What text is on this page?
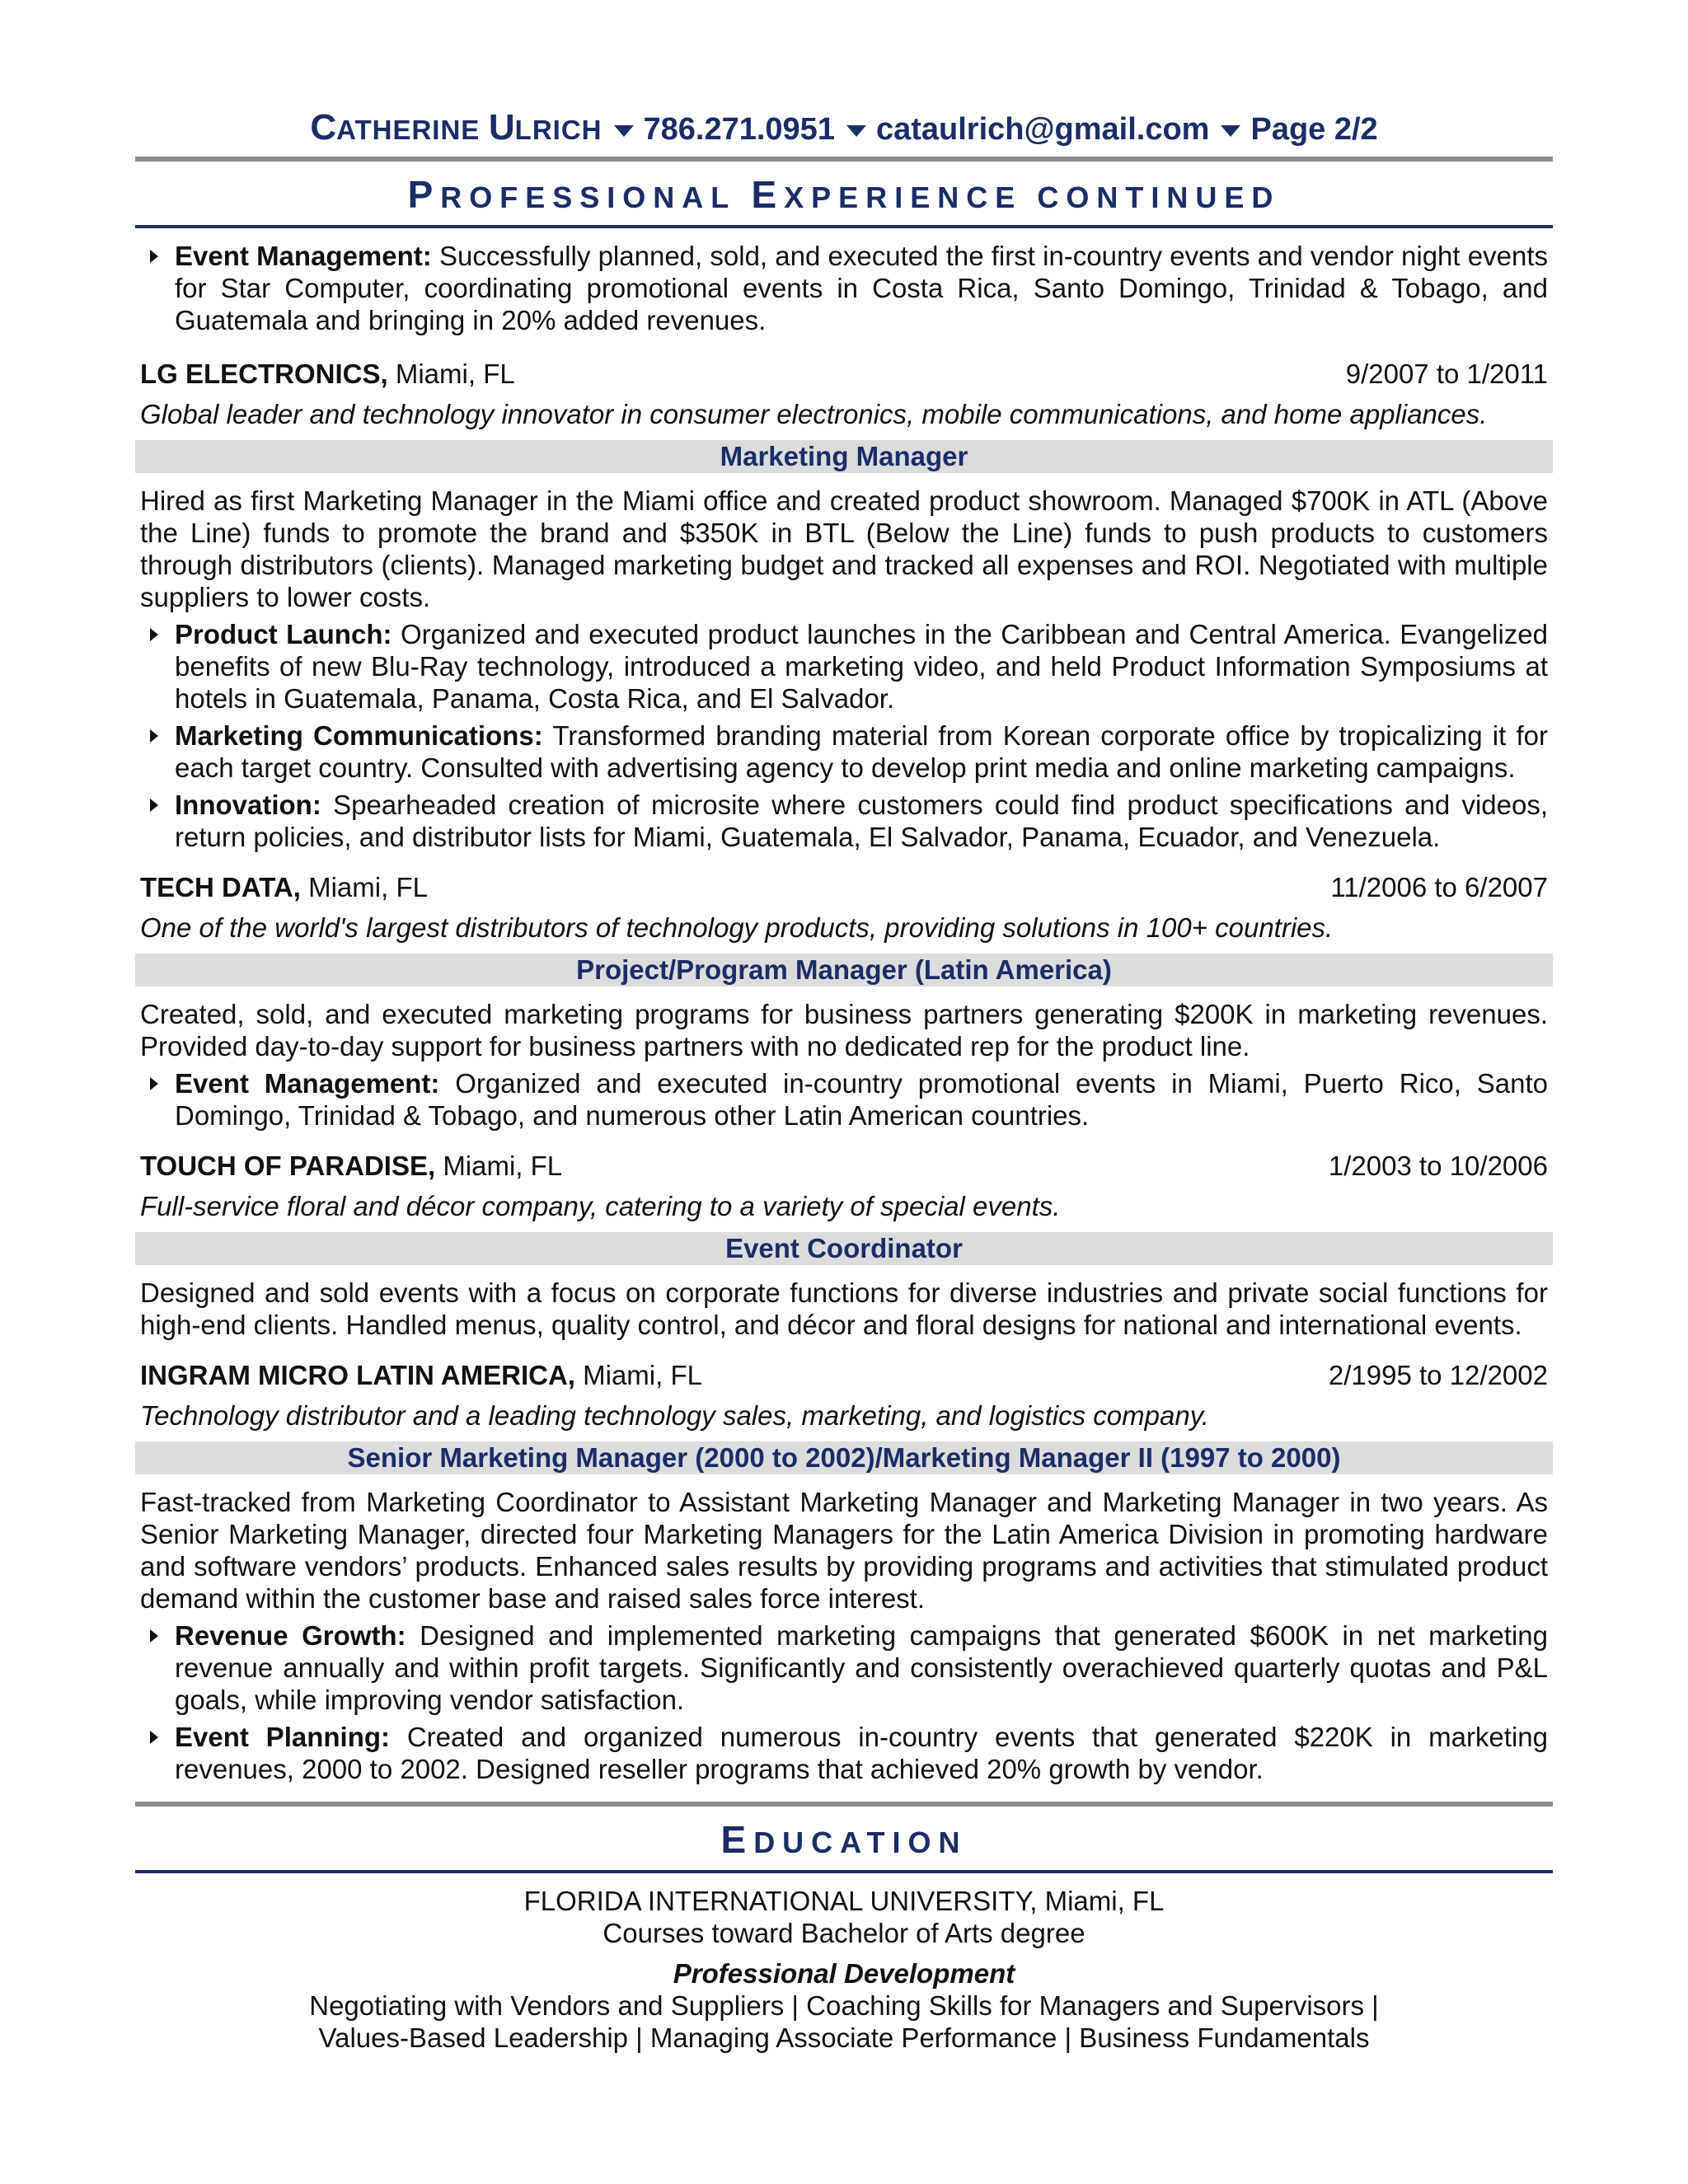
CATHERINE ULRICH 786.271.0951 cataulrich@gmail.com Page 2/2
PROFESSIONAL EXPERIENCE CONTINUED
Event Management: Successfully planned, sold, and executed the first in-country events and vendor night events for Star Computer, coordinating promotional events in Costa Rica, Santo Domingo, Trinidad & Tobago, and Guatemala and bringing in 20% added revenues.
LG ELECTRONICS, Miami, FL	9/2007 to 1/2011
Global leader and technology innovator in consumer electronics, mobile communications, and home appliances.
Marketing Manager
Hired as first Marketing Manager in the Miami office and created product showroom. Managed $700K in ATL (Above the Line) funds to promote the brand and $350K in BTL (Below the Line) funds to push products to customers through distributors (clients). Managed marketing budget and tracked all expenses and ROI. Negotiated with multiple suppliers to lower costs.
Product Launch: Organized and executed product launches in the Caribbean and Central America. Evangelized benefits of new Blu-Ray technology, introduced a marketing video, and held Product Information Symposiums at hotels in Guatemala, Panama, Costa Rica, and El Salvador.
Marketing Communications: Transformed branding material from Korean corporate office by tropicalizing it for each target country. Consulted with advertising agency to develop print media and online marketing campaigns.
Innovation: Spearheaded creation of microsite where customers could find product specifications and videos, return policies, and distributor lists for Miami, Guatemala, El Salvador, Panama, Ecuador, and Venezuela.
TECH DATA, Miami, FL	11/2006 to 6/2007
One of the world's largest distributors of technology products, providing solutions in 100+ countries.
Project/Program Manager (Latin America)
Created, sold, and executed marketing programs for business partners generating $200K in marketing revenues. Provided day-to-day support for business partners with no dedicated rep for the product line.
Event Management: Organized and executed in-country promotional events in Miami, Puerto Rico, Santo Domingo, Trinidad & Tobago, and numerous other Latin American countries.
TOUCH OF PARADISE, Miami, FL	1/2003 to 10/2006
Full-service floral and décor company, catering to a variety of special events.
Event Coordinator
Designed and sold events with a focus on corporate functions for diverse industries and private social functions for high-end clients. Handled menus, quality control, and décor and floral designs for national and international events.
INGRAM MICRO LATIN AMERICA, Miami, FL	2/1995 to 12/2002
Technology distributor and a leading technology sales, marketing, and logistics company.
Senior Marketing Manager (2000 to 2002)/Marketing Manager II (1997 to 2000)
Fast-tracked from Marketing Coordinator to Assistant Marketing Manager and Marketing Manager in two years. As Senior Marketing Manager, directed four Marketing Managers for the Latin America Division in promoting hardware and software vendors’ products. Enhanced sales results by providing programs and activities that stimulated product demand within the customer base and raised sales force interest.
Revenue Growth: Designed and implemented marketing campaigns that generated $600K in net marketing revenue annually and within profit targets. Significantly and consistently overachieved quarterly quotas and P&L goals, while improving vendor satisfaction.
Event Planning: Created and organized numerous in-country events that generated $220K in marketing revenues, 2000 to 2002. Designed reseller programs that achieved 20% growth by vendor.
EDUCATION
FLORIDA INTERNATIONAL UNIVERSITY, Miami, FL
Courses toward Bachelor of Arts degree
Professional Development
Negotiating with Vendors and Suppliers | Coaching Skills for Managers and Supervisors |
Values-Based Leadership | Managing Associate Performance | Business Fundamentals
